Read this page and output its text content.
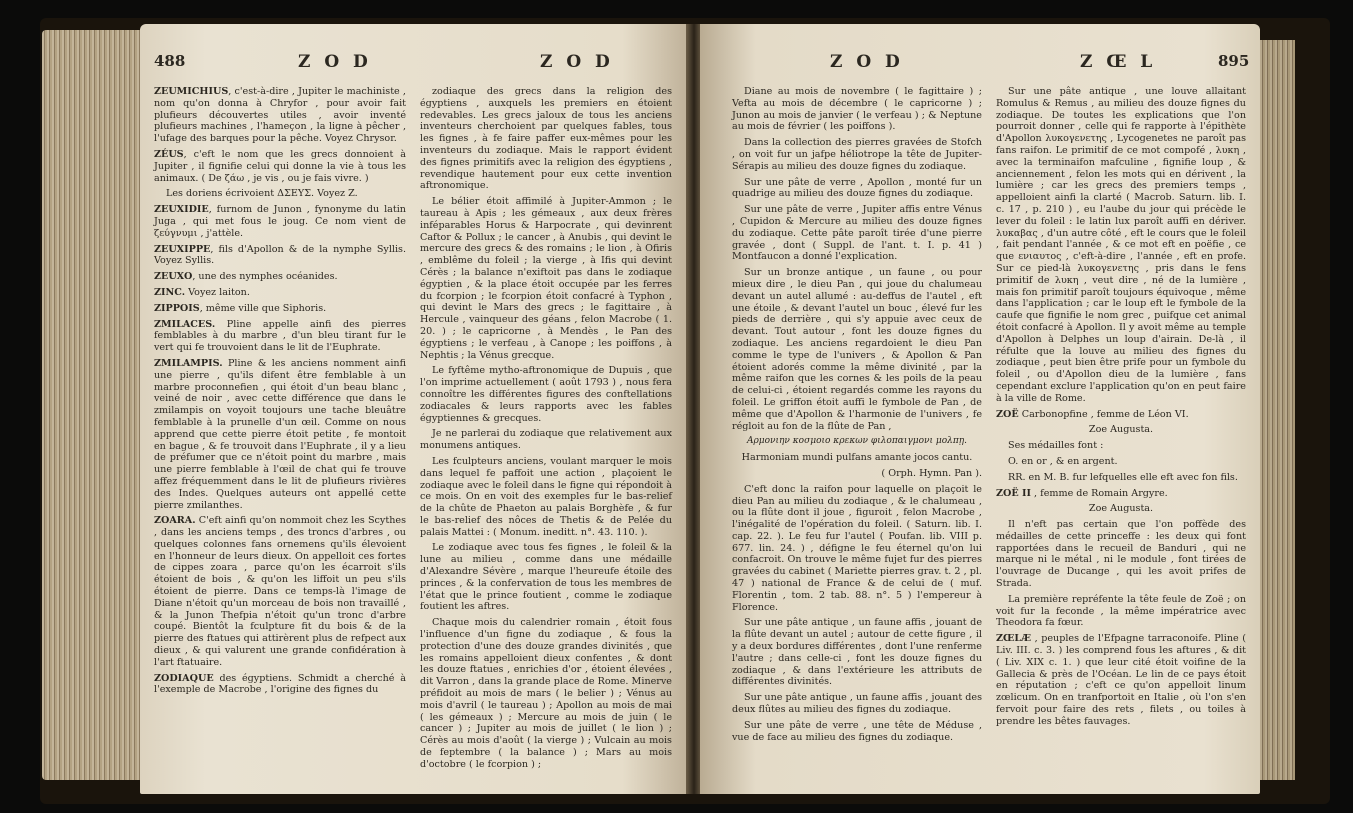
488	Z O D	Z O D

ZEUMICHIUS, c'est-à-dire , Jupiter le machiniste , nom qu'on donna à Chryfor , pour avoir fait plufieurs découvertes utiles , avoir inventé plufieurs machines , l'hameçon , la ligne à pêcher , l'ufage des barques pour la pêche. Voyez Chrysor.

ZÉUS, c'eft le nom que les grecs donnoient à Jupiter , il fignifie celui qui donne la vie à tous les animaux. ( De ζάω , je vis , ou je fais vivre. )

Les doriens écrivoient ΔΣΕΥΣ. Voyez Z.

ZEUXIDIE, furnom de Junon , fynonyme du latin Juga , qui met fous le joug. Ce nom vient de ζεύγνυμι , j'attèle.

ZEUXIPPE, fils d'Apollon & de la nymphe Syllis. Voyez Syllis.

ZEUXO, une des nymphes océanides.

ZINC. Voyez laiton.

ZIPPOIS, même ville que Siphoris.

ZMILACES. Pline appelle ainfi des pierres femblables à du marbre , d'un bleu tirant fur le vert qui fe trouvoient dans le lit de l'Euphrate.

ZMILAMPIS. Pline & les anciens nomment ainfi une pierre , qu'ils difent être femblable à un marbre proconnefien , qui étoit d'un beau blanc , veiné de noir , avec cette différence que dans le zmilampis on voyoit toujours une tache bleuâtre femblable à la prunelle d'un œil. Comme on nous apprend que cette pierre étoit petite , fe montoit en bague , & fe trouvoit dans l'Euphrate , il y a lieu de préfumer que ce n'étoit point du marbre , mais une pierre femblable à l'œil de chat qui fe trouve affez fréquemment dans le lit de plufieurs rivières des Indes. Quelques auteurs ont appellé cette pierre zmilanthes.

ZOARA. C'eft ainfi qu'on nommoit chez les Scythes , dans les anciens temps , des troncs d'arbres , ou quelques colonnes fans ornemens qu'ils élevoient en l'honneur de leurs dieux. On appelloit ces fortes de cippes zoara , parce qu'on les écarroit s'ils étoient de bois , & qu'on les liffoit un peu s'ils étoient de pierre. Dans ce temps-là l'image de Diane n'étoit qu'un morceau de bois non travaillé , & la Junon Thefpia n'étoit qu'un tronc d'arbre coupé. Bientôt la fculpture fit du bois & de la pierre des ftatues qui attirèrent plus de refpect aux dieux , & qui valurent une grande confidération à l'art ftatuaire.

ZODIAQUE des égyptiens. Schmidt a cherché à l'exemple de Macrobe , l'origine des fignes du

zodiaque des grecs dans la religion des égyptiens , auxquels les premiers en étoient redevables. Les grecs jaloux de tous les anciens inventeurs cherchoient par quelques fables, tous les fignes , à fe faire paffer eux-mêmes pour les inventeurs du zodiaque. Mais le rapport évident des fignes primitifs avec la religion des égyptiens , revendique hautement pour eux cette invention aftronomique.

Le bélier étoit affimilé à Jupiter-Ammon ; le taureau à Apis ; les gémeaux , aux deux frères inféparables Horus & Harpocrate , qui devinrent Caftor & Pollux ; le cancer , à Anubis , qui devint le mercure des grecs & des romains ; le lion , à Ofiris , emblême du foleil ; la vierge , à Ifis qui devint Cérès ; la balance n'exiftoit pas dans le zodiaque égyptien , & la place étoit occupée par les ferres du fcorpion ; le fcorpion étoit confacré à Typhon , qui devint le Mars des grecs ; le fagittaire , à Hercule , vainqueur des géans , felon Macrobe ( 1. 20. ) ; le capricorne , à Mendès , le Pan des égyptiens ; le verfeau , à Canope ; les poiffons , à Nephtis ; la Vénus grecque.

Le fyftême mytho-aftronomique de Dupuis , que l'on imprime actuellement ( août 1793 ) , nous fera connoître les différentes figures des conftellations zodiacales & leurs rapports avec les fables égyptiennes & grecques.

Je ne parlerai du zodiaque que relativement aux monumens antiques.

Les fculpteurs anciens, voulant marquer le mois dans lequel fe paffoit une action , plaçoient le zodiaque avec le foleil dans le figne qui répondoit à ce mois. On en voit des exemples fur le bas-relief de la chûte de Phaeton au palais Borghèfe , & fur le bas-relief des nôces de Thetis & de Pelée du palais Mattei : ( Monum. ineditt. n°. 43. 110. ).

Le zodiaque avec tous fes fignes , le foleil & la lune au milieu , comme dans une médaille d'Alexandre Sévère , marque l'heureufe étoile des princes , & la confervation de tous les membres de l'état que le prince foutient , comme le zodiaque foutient les aftres.

Chaque mois du calendrier romain , étoit fous l'influence d'un figne du zodiaque , & fous la protection d'une des douze grandes divinités , que les romains appelloient dieux confentes , & dont les douze ftatues , enrichies d'or , étoient élevées , dit Varron , dans la grande place de Rome. Minerve préfidoit au mois de mars ( le belier ) ; Vénus au mois d'avril ( le taureau ) ; Apollon au mois de mai ( les gémeaux ) ; Mercure au mois de juin ( le cancer ) ; Jupiter au mois de juillet ( le lion ) ; Cérès au mois d'août ( la vierge ) ; Vulcain au mois de feptembre ( la balance ) ; Mars au mois d'octobre ( le fcorpion ) ;

Z O D	Z Œ L	895

Diane au mois de novembre ( le fagittaire ) ; Vefta au mois de décembre ( le capricorne ) ; Junon au mois de janvier ( le verfeau ) ; & Neptune au mois de février ( les poiffons ).

Dans la collection des pierres gravées de Stofch , on voit fur un jafpe héliotrope la tête de Jupiter-Sérapis au milieu des douze fignes du zodiaque.

Sur une pâte de verre , Apollon , monté fur un quadrige au milieu des douze fignes du zodiaque.

Sur une pâte de verre , Jupiter affis entre Vénus , Cupidon & Mercure au milieu des douze fignes du zodiaque. Cette pâte paroît tirée d'une pierre gravée , dont ( Suppl. de l'ant. t. I. p. 41 ) Montfaucon a donné l'explication.

Sur un bronze antique , un faune , ou pour mieux dire , le dieu Pan , qui joue du chalumeau devant un autel allumé : au-deffus de l'autel , eft une étoile , & devant l'autel un bouc , élevé fur les pieds de derrière , qui s'y appuie avec ceux de devant. Tout autour , font les douze fignes du zodiaque. Les anciens regardoient le dieu Pan comme le type de l'univers , & Apollon & Pan étoient adorés comme la même divinité , par la même raifon que les cornes & les poils de la peau de celui-ci , étoient regardés comme les rayons du foleil. Le griffon étoit auffi le fymbole de Pan , de même que d'Apollon & l'harmonie de l'univers , fe régloit au fon de la flûte de Pan ,

Αρμονιην κοσμοιο κρεκων φιλοπαιγμονι μολπῃ.

Harmoniam mundi pulfans amante jocos cantu.

( Orph. Hymn. Pan ).

C'eft donc la raifon pour laquelle on plaçoit le dieu Pan au milieu du zodiaque , & le chalumeau , ou la flûte dont il joue , figuroit , felon Macrobe , l'inégalité de l'opération du foleil. ( Saturn. lib. I. cap. 22. ). Le feu fur l'autel ( Poufan. lib. VIII p. 677. lin. 24. ) , défigne le feu éternel qu'on lui confacroit. On trouve le même fujet fur des pierres gravées du cabinet ( Mariette pierres grav. t. 2 , pl. 47 ) national de France & de celui de ( muf. Florentin , tom. 2 tab. 88. n°. 5 ) l'empereur à Florence.

Sur une pâte antique , un faune affis , jouant de la flûte devant un autel ; autour de cette figure , il y a deux bordures différentes , dont l'une renferme l'autre ; dans celle-ci , font les douze fignes du zodiaque , & dans l'extérieure les attributs de différentes divinités.

Sur une pâte antique , un faune affis , jouant des deux flûtes au milieu des fignes du zodiaque.

Sur une pâte de verre , une tête de Méduse , vue de face au milieu des fignes du zodiaque.

Sur une pâte antique , une louve allaitant Romulus & Remus , au milieu des douze fignes du zodiaque. De toutes les explications que l'on pourroit donner , celle qui fe rapporte à l'épithète d'Apollon λυκογενετης , Lycogenetes ne paroît pas fans raifon. Le primitif de ce mot compofé , λυκη , avec la terminaifon mafculine , fignifie loup , & anciennement , felon les mots qui en dérivent , la lumière ; car les grecs des premiers temps , appelloient ainfi la clarté ( Macrob. Saturn. lib. I. c. 17 , p. 210 ) , eu l'aube du jour qui précède le lever du foleil : le latin lux paroît auffi en dériver. λυκαβας , d'un autre côté , eft le cours que le foleil , fait pendant l'année , & ce mot eft en poëfie , ce que ενιαυτος , c'eft-à-dire , l'année , eft en profe. Sur ce pied-là λυκογενετης , pris dans le fens primitif de λυκη , veut dire , né de la lumière , mais fon primitif paroît toujours équivoque , même dans l'application ; car le loup eft le fymbole de la caufe que fignifie le nom grec , puifque cet animal étoit confacré à Apollon. Il y avoit même au temple d'Apollon à Delphes un loup d'airain. De-là , il réfulte que la louve au milieu des fignes du zodiaque , peut bien être prife pour un fymbole du foleil , ou d'Apollon dieu de la lumière , fans cependant exclure l'application qu'on en peut faire à la ville de Rome.

ZOË Carbonopfine , femme de Léon VI.

Zoe Augusta.

Ses médailles font :

O. en or , & en argent.

RR. en M. B. fur lefquelles elle eft avec fon fils.

ZOË II , femme de Romain Argyre.

Zoe Augusta.

Il n'eft pas certain que l'on poffède des médailles de cette princeffe : les deux qui font rapportées dans le recueil de Banduri , qui ne marque ni le métal , ni le module , font tirées de l'ouvrage de Ducange , qui les avoit prifes de Strada.

La première repréfente la tête feule de Zoë ; on voit fur la feconde , la même impératrice avec Theodora fa fœur.

ZŒLÆ , peuples de l'Efpagne tarraconoife. Pline ( Liv. III. c. 3. ) les comprend fous les aftures , & dit ( Liv. XIX c. 1. ) que leur cité étoit voifine de la Gallecia & près de l'Océan. Le lin de ce pays étoit en réputation ; c'eft ce qu'on appelloit linum zœlicum. On en tranfportoit en Italie , où l'on s'en fervoit pour faire des rets , filets , ou toiles à prendre les bêtes fauvages.
